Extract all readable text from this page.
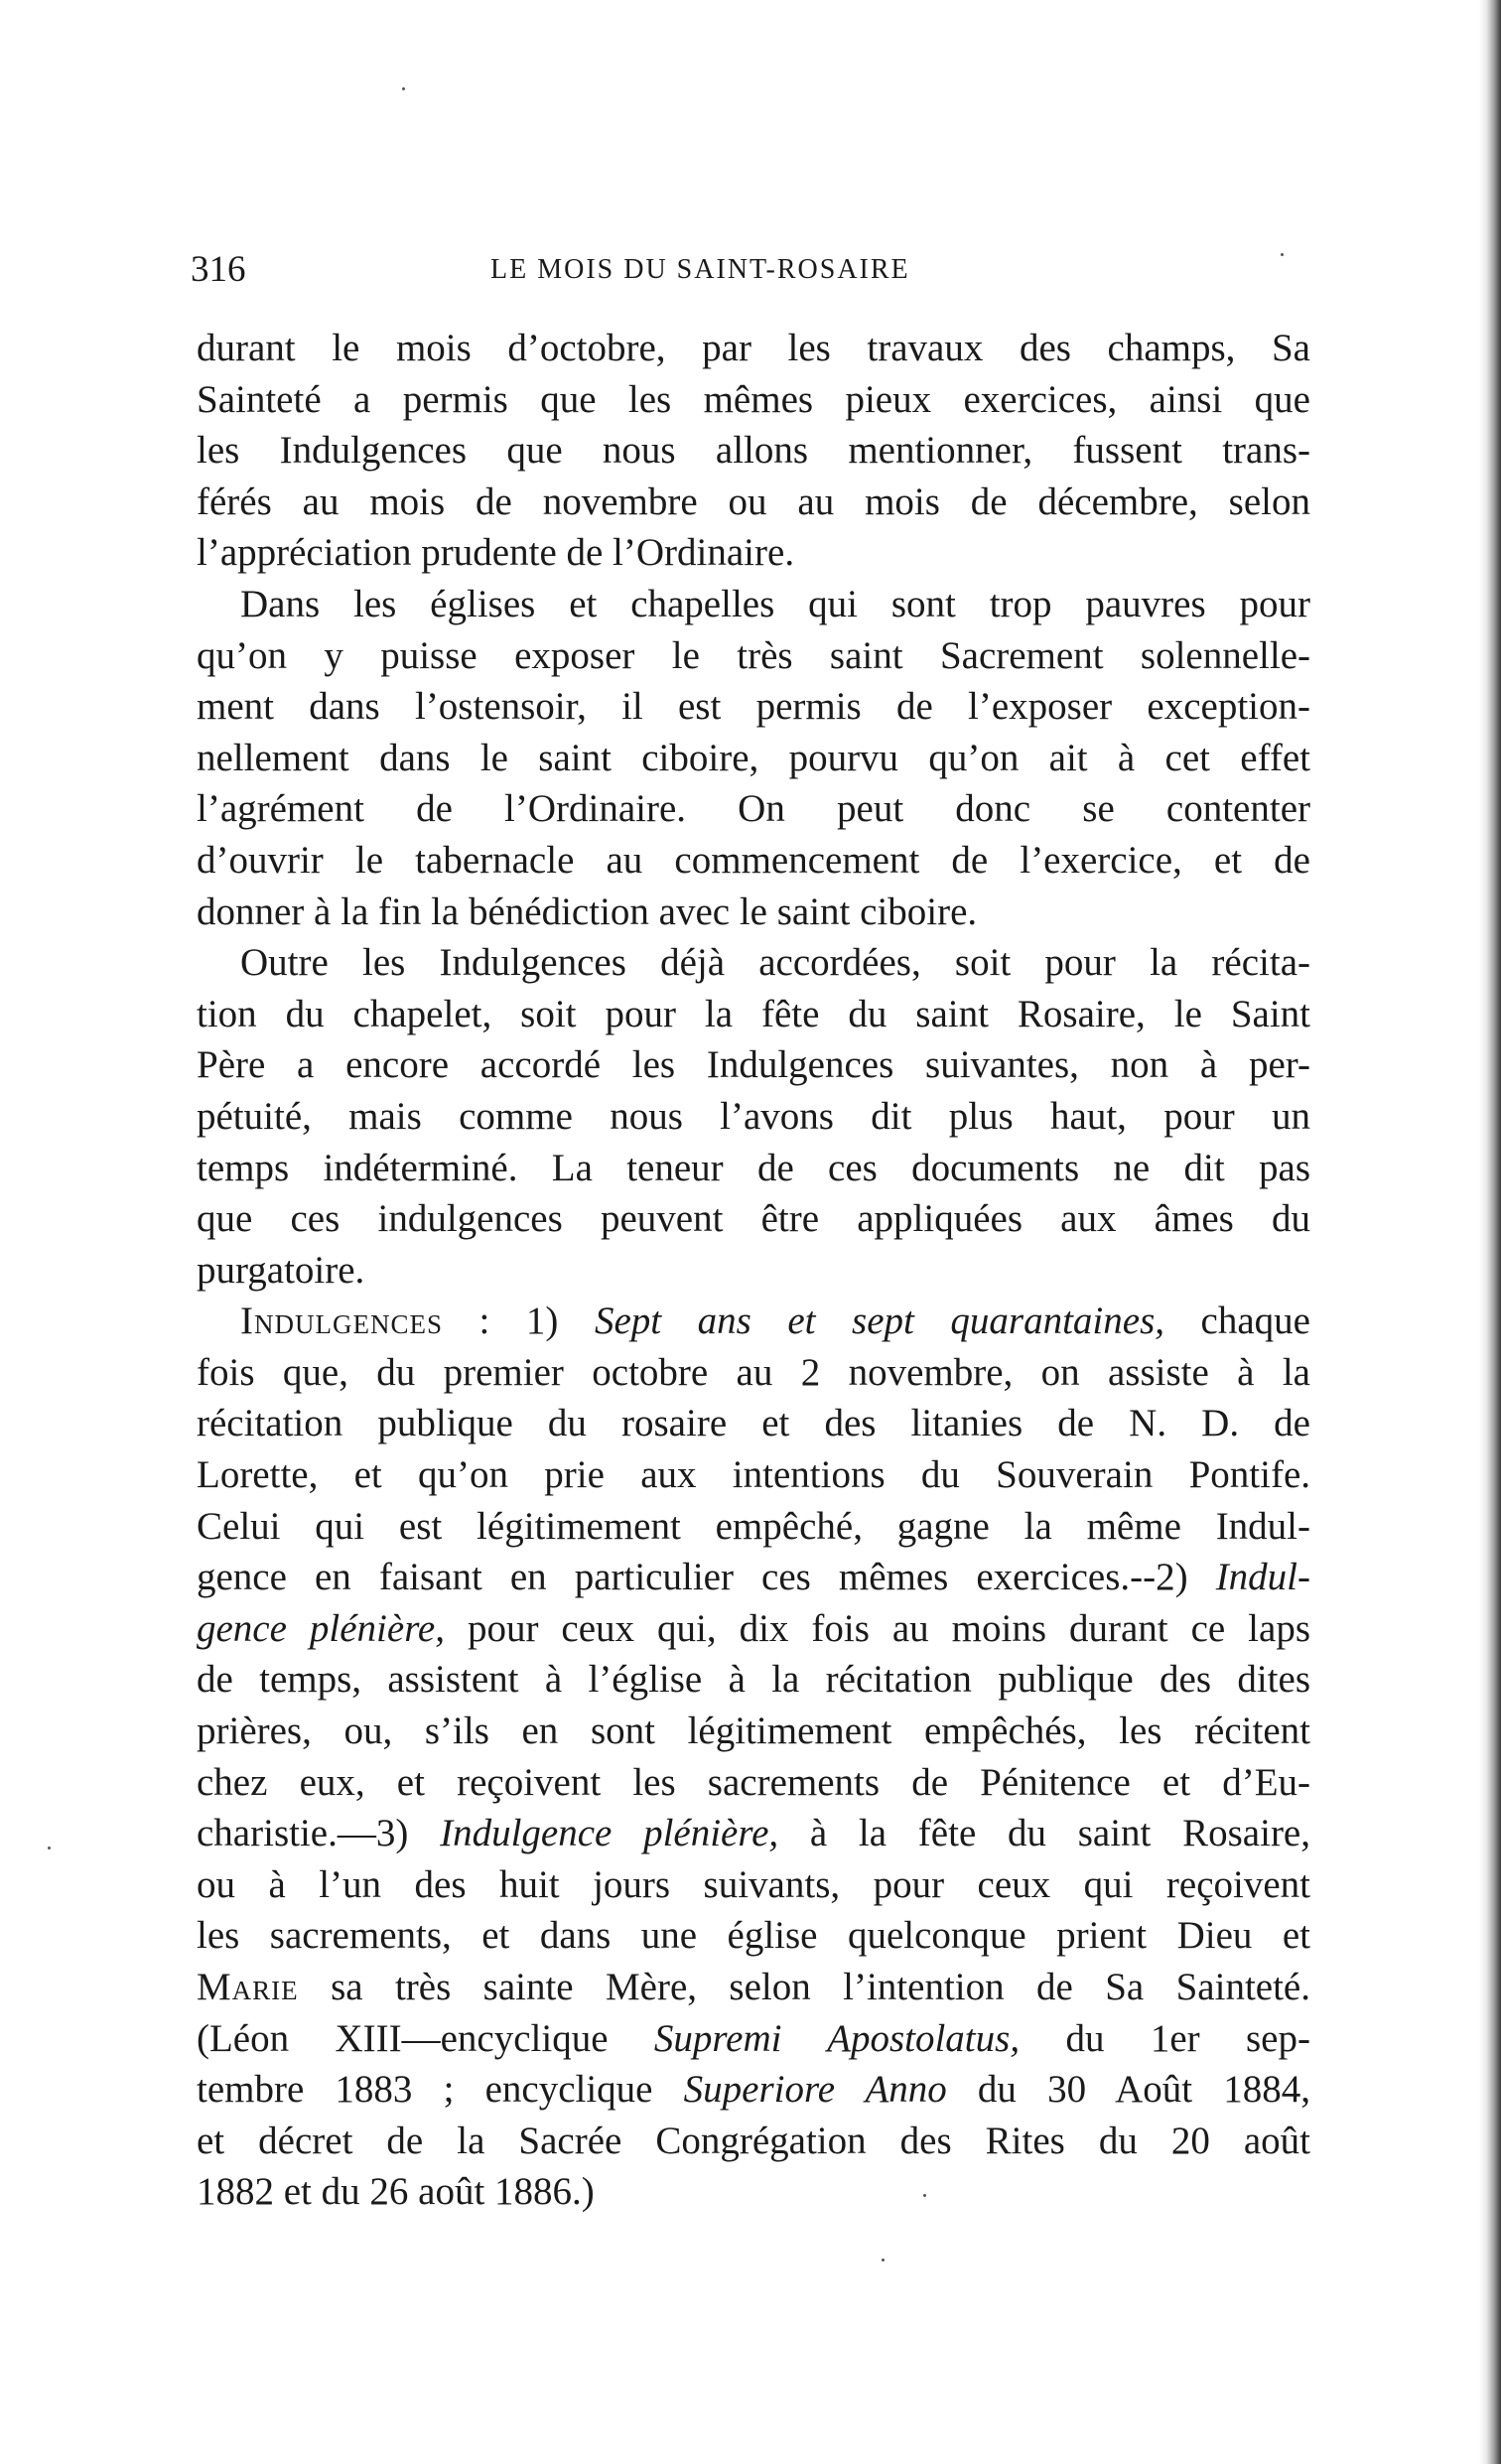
316	LE MOIS DU SAINT-ROSAIRE

durant le mois d’octobre, par les travaux des champs, Sa
Sainteté a permis que les mêmes pieux exercices, ainsi que
les Indulgences que nous allons mentionner, fussent trans-
férés au mois de novembre ou au mois de décembre, selon
l’appréciation prudente de l’Ordinaire.

Dans les églises et chapelles qui sont trop pauvres pour
qu’on y puisse exposer le très saint Sacrement solennelle-
ment dans l’ostensoir, il est permis de l’exposer exception-
nellement dans le saint ciboire, pourvu qu’on ait à cet effet
l’agrément de l’Ordinaire. On peut donc se contenter
d’ouvrir le tabernacle au commencement de l’exercice, et de
donner à la fin la bénédiction avec le saint ciboire.

Outre les Indulgences déjà accordées, soit pour la récita-
tion du chapelet, soit pour la fête du saint Rosaire, le Saint
Père a encore accordé les Indulgences suivantes, non à per-
pétuité, mais comme nous l’avons dit plus haut, pour un
temps indéterminé. La teneur de ces documents ne dit pas
que ces indulgences peuvent être appliquées aux âmes du
purgatoire.

Indulgences : 1) Sept ans et sept quarantaines, chaque
fois que, du premier octobre au 2 novembre, on assiste à la
récitation publique du rosaire et des litanies de N. D. de
Lorette, et qu’on prie aux intentions du Souverain Pontife.
Celui qui est légitimement empêché, gagne la même Indul-
gence en faisant en particulier ces mêmes exercices.--2) Indul-
gence plénière, pour ceux qui, dix fois au moins durant ce laps
de temps, assistent à l’église à la récitation publique des dites
prières, ou, s’ils en sont légitimement empêchés, les récitent
chez eux, et reçoivent les sacrements de Pénitence et d’Eu-
charistie.—3) Indulgence plénière, à la fête du saint Rosaire,
ou à l’un des huit jours suivants, pour ceux qui reçoivent
les sacrements, et dans une église quelconque prient Dieu et
Marie sa très sainte Mère, selon l’intention de Sa Sainteté.
(Léon XIII—encyclique Supremi Apostolatus, du 1er sep-
tembre 1883 ; encyclique Superiore Anno du 30 Août 1884,
et décret de la Sacrée Congrégation des Rites du 20 août
1882 et du 26 août 1886.)
